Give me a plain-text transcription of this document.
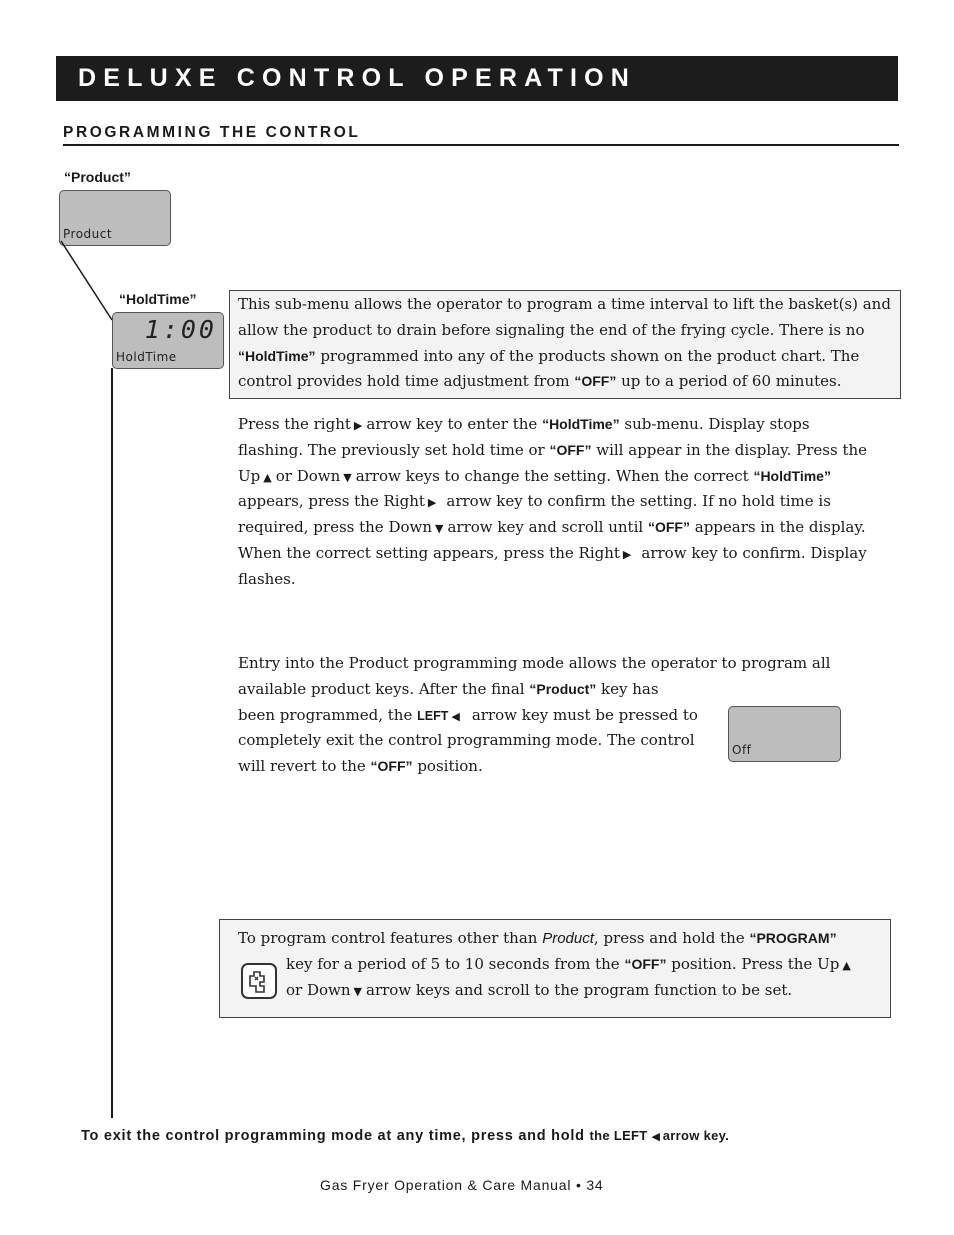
DELUXE CONTROL OPERATION
PROGRAMMING THE CONTROL
“Product”
Product
“HoldTime”
1:00
HoldTime
This sub-menu allows the operator to program a time interval to lift the basket(s) and
allow the product to drain before signaling the end of the frying cycle. There is no
“HoldTime” programmed into any of the products shown on the product chart. The
control provides hold time adjustment from “OFF” up to a period of 60 minutes.
Press the right ▶ arrow key to enter the “HoldTime” sub-menu. Display stops
flashing. The previously set hold time or “OFF” will appear in the display. Press the
Up ▲ or Down ▼ arrow keys to change the setting. When the correct “HoldTime”
appears, press the Right ▶ arrow key to confirm the setting. If no hold time is
required, press the Down ▼ arrow key and scroll until “OFF” appears in the display.
When the correct setting appears, press the Right ▶ arrow key to confirm. Display
flashes.
Entry into the Product programming mode allows the operator to program all
available product keys. After the final “Product” key has
been programmed, the LEFT ◀ arrow key must be pressed to
completely exit the control programming mode. The control
will revert to the “OFF” position.
Off
To program control features other than Product, press and hold the “PROGRAM”
key for a period of 5 to 10 seconds from the “OFF” position. Press the Up ▲
or Down ▼ arrow keys and scroll to the program function to be set.
To exit the control programming mode at any time, press and hold the LEFT ◀ arrow key.
Gas Fryer Operation & Care Manual • 34
